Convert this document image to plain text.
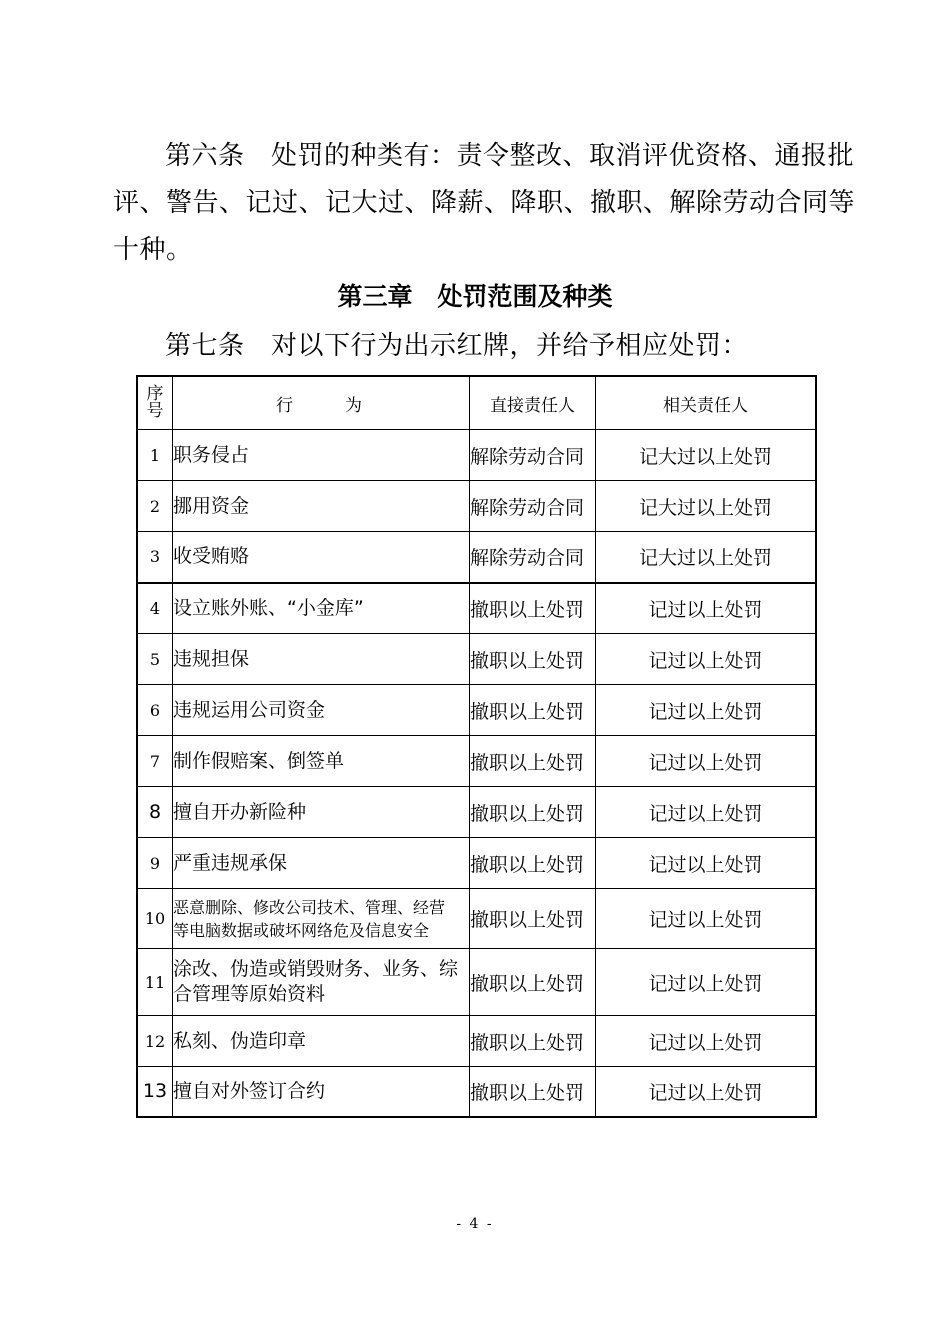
第六条　处罚的种类有：责令整改、取消评优资格、通报批
评、警告、记过、记大过、降薪、降职、撤职、解除劳动合同等
十种。
第三章　处罚范围及种类
第七条　对以下行为出示红牌，并给予相应处罚：
序
号	行 为	直接责任人	相关责任人
1	职务侵占	解除劳动合同	记大过以上处罚
2	挪用资金	解除劳动合同	记大过以上处罚
3	收受贿赂	解除劳动合同	记大过以上处罚
4	设立账外账、“小金库”	撤职以上处罚	记过以上处罚
5	违规担保	撤职以上处罚	记过以上处罚
6	违规运用公司资金	撤职以上处罚	记过以上处罚
7	制作假赔案、倒签单	撤职以上处罚	记过以上处罚
8	擅自开办新险种	撤职以上处罚	记过以上处罚
9	严重违规承保	撤职以上处罚	记过以上处罚
10	恶意删除、修改公司技术、管理、经营
等电脑数据或破坏网络危及信息安全	撤职以上处罚	记过以上处罚
11	涂改、伪造或销毁财务、业务、综
合管理等原始资料	撤职以上处罚	记过以上处罚
12	私刻、伪造印章	撤职以上处罚	记过以上处罚
13	擅自对外签订合约	撤职以上处罚	记过以上处罚
- 4 -
